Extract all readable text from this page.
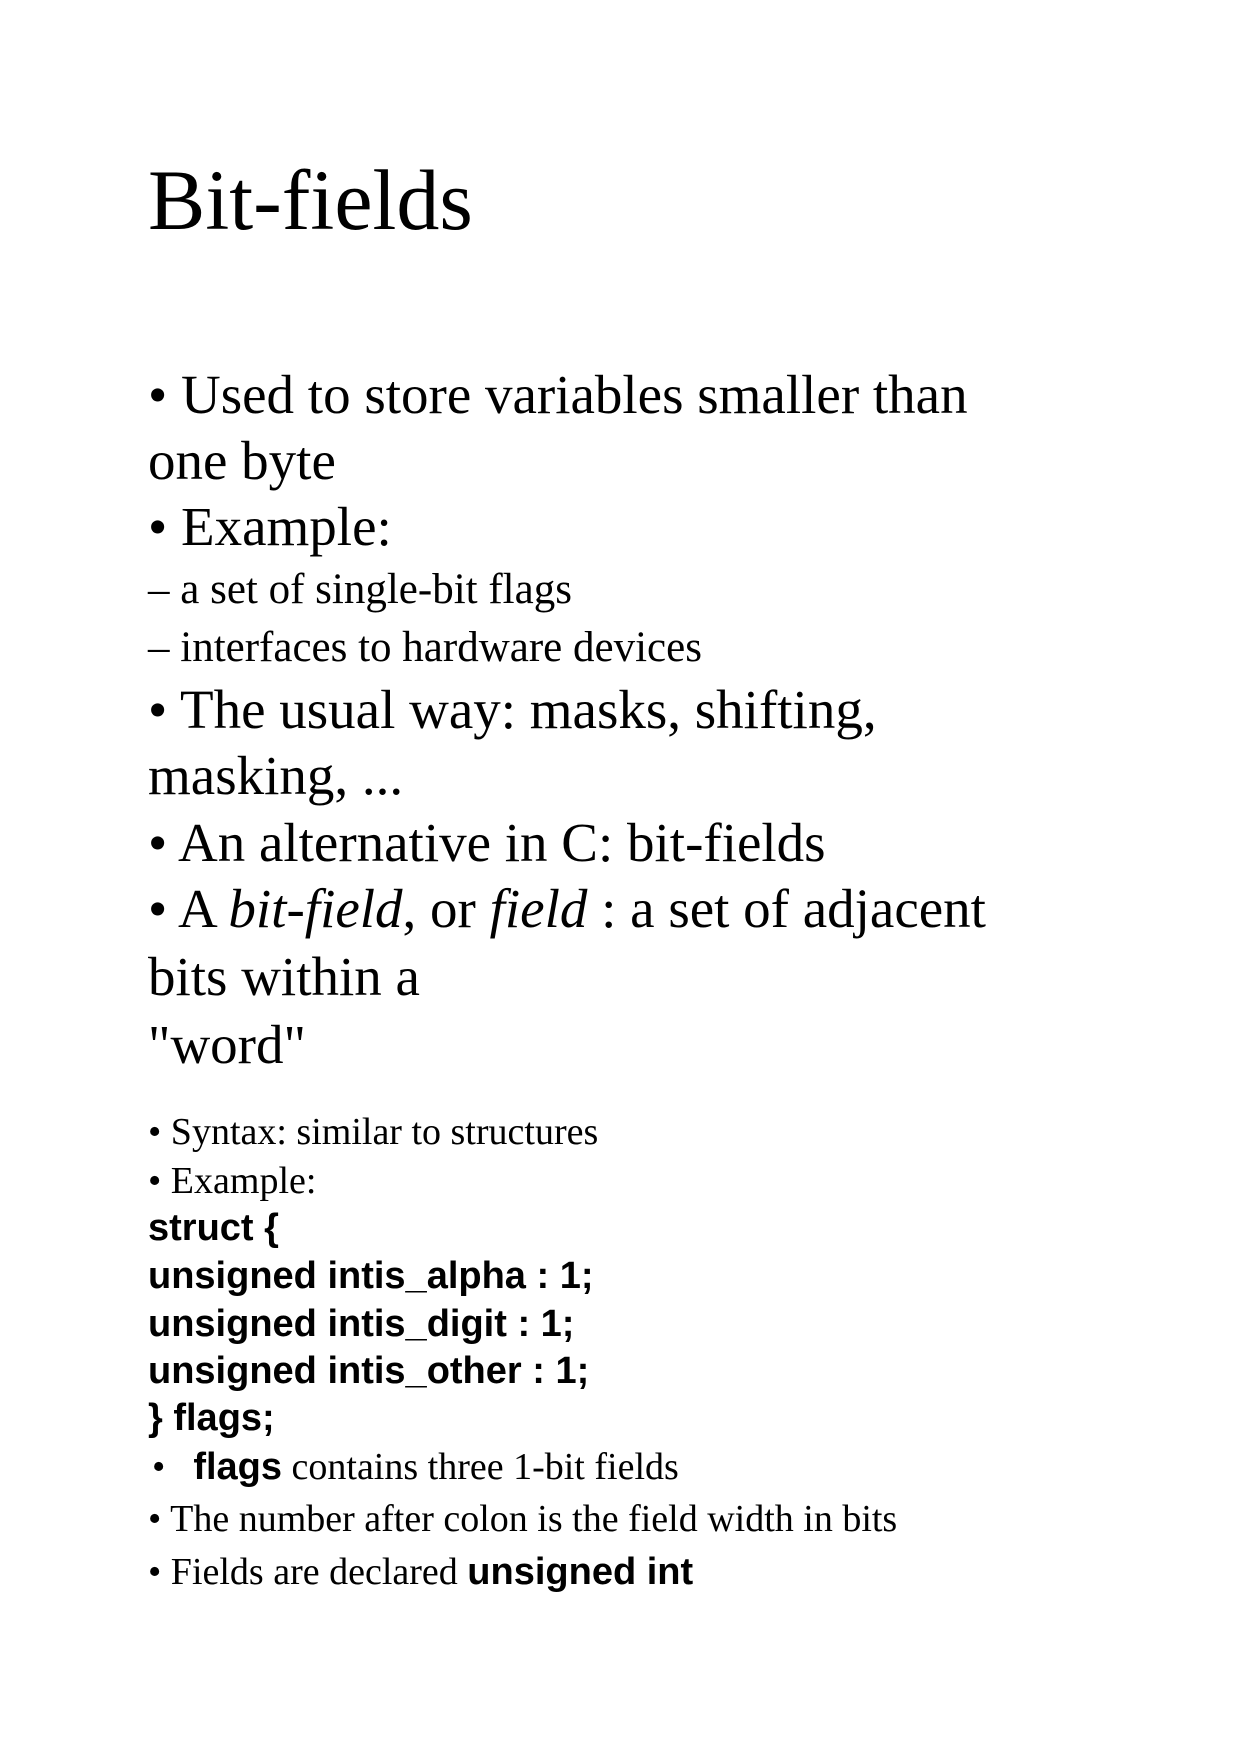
Bit-fields
• Used to store variables smaller than
one byte
• Example:
– a set of single-bit flags
– interfaces to hardware devices
• The usual way: masks, shifting,
masking, ...
• An alternative in C: bit-fields
• A bit-field, or field : a set of adjacent
bits within a
"word"
• Syntax: similar to structures
• Example:
struct {
unsigned intis_alpha : 1;
unsigned intis_digit : 1;
unsigned intis_other : 1;
} flags;
• flags contains three 1-bit fields
• The number after colon is the field width in bits
• Fields are declared unsigned int
